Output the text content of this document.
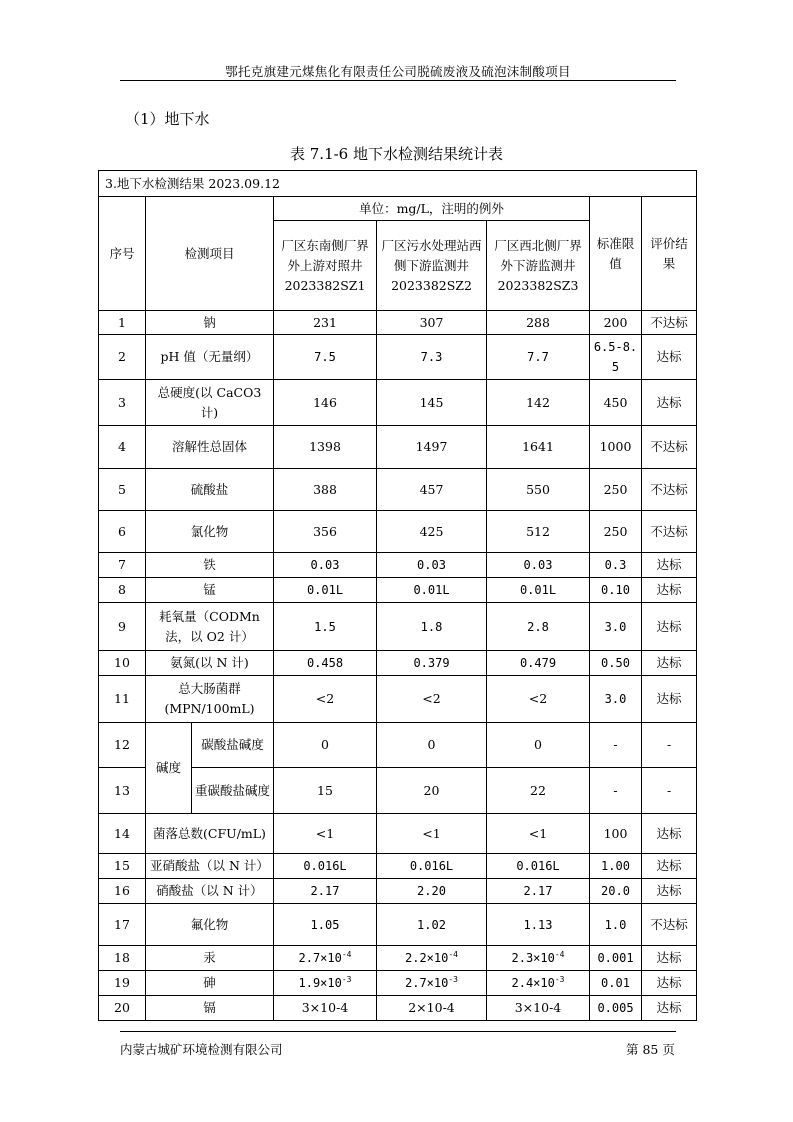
鄂托克旗建元煤焦化有限责任公司脱硫废液及硫泡沫制酸项目
（1）地下水
表 7.1-6 地下水检测结果统计表
3.地下水检测结果 2023.09.12							
序号	检测项目		单位：mg/L，注明的例外			标准限值	评价结果
			厂区东南侧厂界外上游对照井 2023382SZ1	厂区污水处理站西侧下游监测井 2023382SZ2	厂区西北侧厂界外下游监测井 2023382SZ3		
1	钠		231	307	288	200	不达标
2	pH 值（无量纲）		7.5	7.3	7.7	6.5-8.5	达标
3	总硬度(以 CaCO3 计)		146	145	142	450	达标
4	溶解性总固体		1398	1497	1641	1000	不达标
5	硫酸盐		388	457	550	250	不达标
6	氯化物		356	425	512	250	不达标
7	铁		0.03	0.03	0.03	0.3	达标
8	锰		0.01L	0.01L	0.01L	0.10	达标
9	耗氧量（CODMn 法，以 O2 计）		1.5	1.8	2.8	3.0	达标
10	氨氮(以 N 计)		0.458	0.379	0.479	0.50	达标
11	总大肠菌群(MPN/100mL)		<2	<2	<2	3.0	达标
12	碱度	碳酸盐碱度	0	0	0	-	-
13		重碳酸盐碱度	15	20	22	-	-
14	菌落总数(CFU/mL)		<1	<1	<1	100	达标
15	亚硝酸盐（以 N 计）		0.016L	0.016L	0.016L	1.00	达标
16	硝酸盐（以 N 计）		2.17	2.20	2.17	20.0	达标
17	氟化物		1.05	1.02	1.13	1.0	不达标
18	汞		$2.7\times 10^{-4}$	$2.2\times 10^{-4}$	$2.3\times 10^{-4}$	0.001	达标
19	砷		$1.9\times 10^{-3}$	$2.7\times 10^{-3}$	$2.4\times 10^{-3}$	0.01	达标
20	镉		3×10-4	2×10-4	3×10-4	0.005	达标
内蒙古城矿环境检测有限公司	第 85 页
